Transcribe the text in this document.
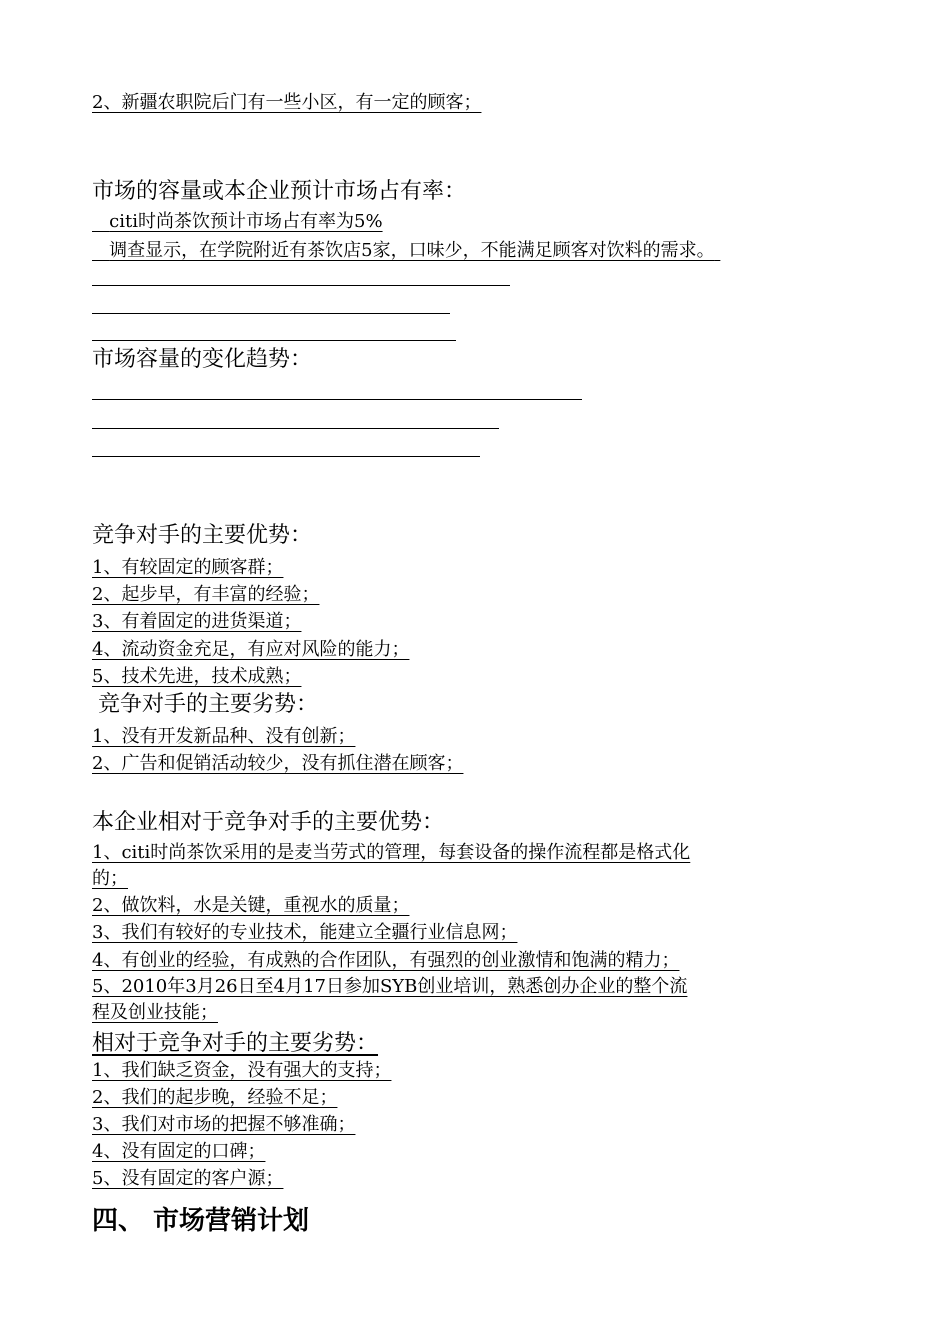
2、新疆农职院后门有一些小区，有一定的顾客；
市场的容量或本企业预计市场占有率：
citi时尚茶饮预计市场占有率为5%
调查显示，在学院附近有茶饮店5家，口味少，不能满足顾客对饮料的需求。
市场容量的变化趋势：
竞争对手的主要优势：
1、有较固定的顾客群；
2、起步早，有丰富的经验；
3、有着固定的进货渠道；
4、流动资金充足，有应对风险的能力；
5、技术先进，技术成熟；
竞争对手的主要劣势：
1、没有开发新品种、没有创新；
2、广告和促销活动较少，没有抓住潜在顾客；
本企业相对于竞争对手的主要优势：
1、citi时尚茶饮采用的是麦当劳式的管理，每套设备的操作流程都是格式化
的；
2、做饮料，水是关键，重视水的质量；
3、我们有较好的专业技术，能建立全疆行业信息网；
4、有创业的经验，有成熟的合作团队，有强烈的创业激情和饱满的精力；
5、2010年3月26日至4月17日参加SYB创业培训，熟悉创办企业的整个流
程及创业技能；
相对于竞争对手的主要劣势：
1、我们缺乏资金，没有强大的支持；
2、我们的起步晚，经验不足；
3、我们对市场的把握不够准确；
4、没有固定的口碑；
5、没有固定的客户源；
四、 市场营销计划
